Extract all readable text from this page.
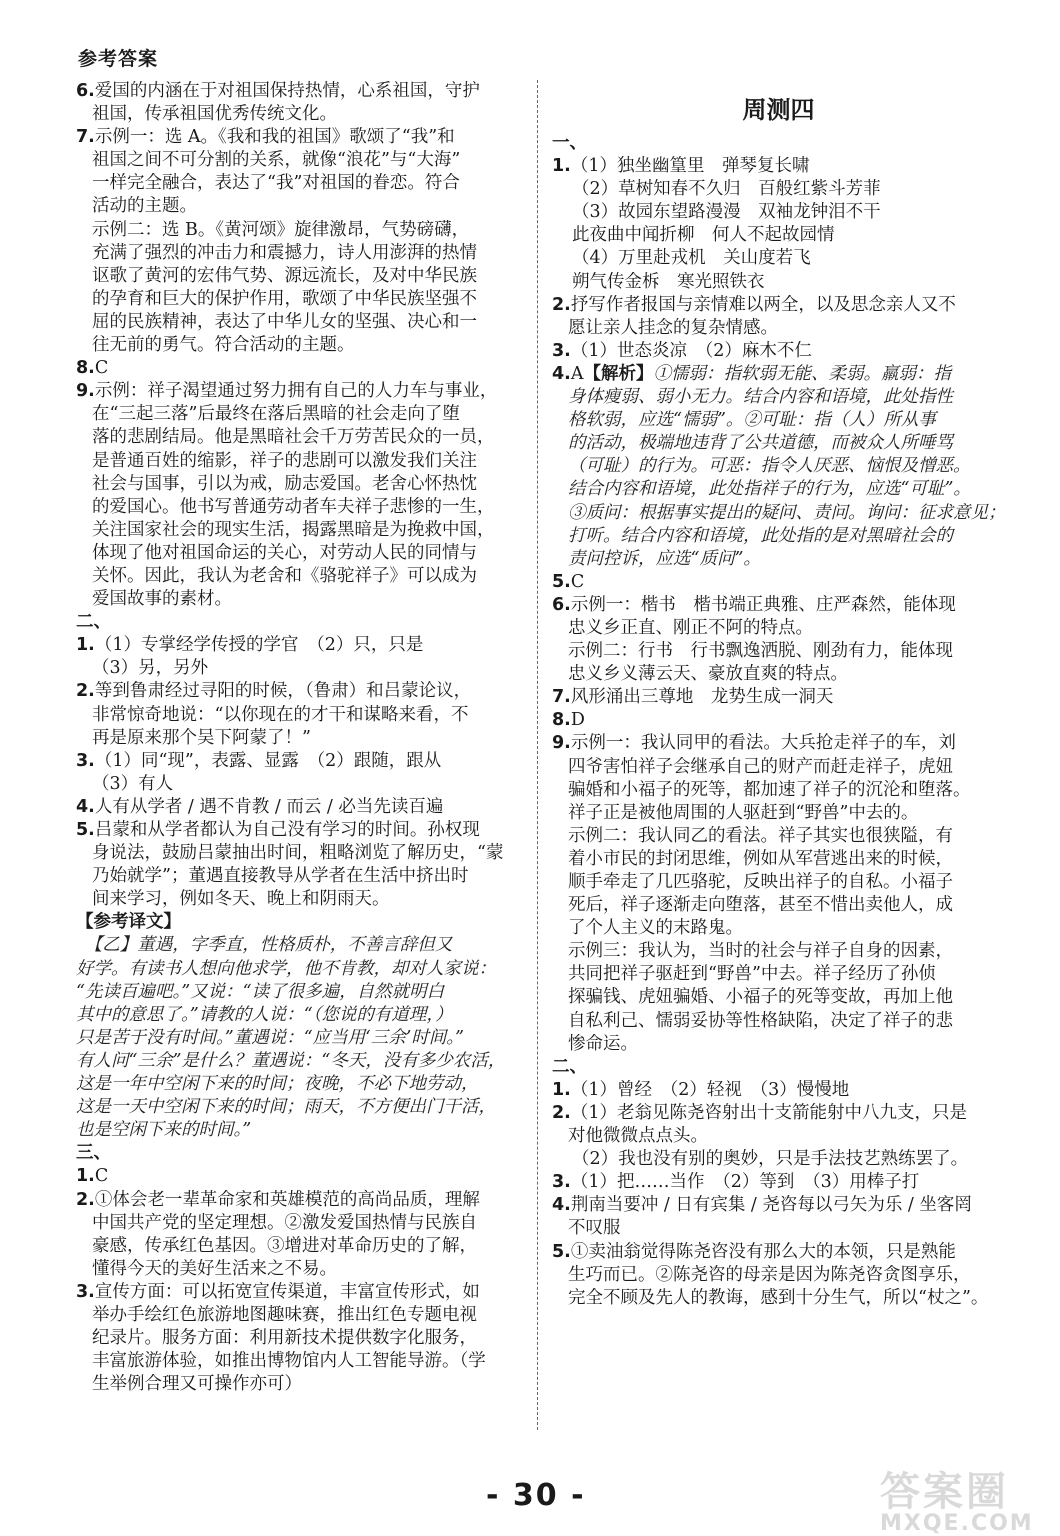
参考答案
6.爱国的内涵在于对祖国保持热情，心系祖国，守护
祖国，传承祖国优秀传统文化。
7.示例一：选 A。《我和我的祖国》歌颂了“我”和
祖国之间不可分割的关系，就像“浪花”与“大海”
一样完全融合，表达了“我”对祖国的眷恋。符合
活动的主题。
示例二：选 B。《黄河颂》旋律激昂，气势磅礴，
充满了强烈的冲击力和震撼力，诗人用澎湃的热情
讴歌了黄河的宏伟气势、源远流长，及对中华民族
的孕育和巨大的保护作用，歌颂了中华民族坚强不
屈的民族精神，表达了中华儿女的坚强、决心和一
往无前的勇气。符合活动的主题。
8.C
9.示例：祥子渴望通过努力拥有自己的人力车与事业，
在“三起三落”后最终在落后黑暗的社会走向了堕
落的悲剧结局。他是黑暗社会千万劳苦民众的一员，
是普通百姓的缩影，祥子的悲剧可以激发我们关注
社会与国事，引以为戒，励志爱国。老舍心怀热忱
的爱国心。他书写普通劳动者车夫祥子悲惨的一生，
关注国家社会的现实生活，揭露黑暗是为挽救中国，
体现了他对祖国命运的关心，对劳动人民的同情与
关怀。因此，我认为老舍和《骆驼祥子》可以成为
爱国故事的素材。
二、
1.（1）专掌经学传授的学官　（2）只，只是
（3）另，另外
2.等到鲁肃经过寻阳的时候，（鲁肃）和吕蒙论议，
非常惊奇地说：“以你现在的才干和谋略来看，不
再是原来那个吴下阿蒙了！”
3.（1）同“现”，表露、显露　（2）跟随，跟从
（3）有人
4.人有从学者 / 遇不肯教 / 而云 / 必当先读百遍
5.吕蒙和从学者都认为自己没有学习的时间。孙权现
身说法，鼓励吕蒙抽出时间，粗略浏览了解历史，“蒙
乃始就学”；董遇直接教导从学者在生活中挤出时
间来学习，例如冬天、晚上和阴雨天。
【参考译文】
　【乙】董遇，字季直，性格质朴，不善言辞但又
好学。有读书人想向他求学，他不肯教，却对人家说：
“先读百遍吧。”又说：“读了很多遍，自然就明白
其中的意思了。”请教的人说：“（您说的有道理，）
只是苦于没有时间。”董遇说：“应当用‘三余’时间。”
有人问“三余”是什么？董遇说：“冬天，没有多少农活，
这是一年中空闲下来的时间；夜晚，不必下地劳动，
这是一天中空闲下来的时间；雨天，不方便出门干活，
也是空闲下来的时间。”
三、
1.C
2.①体会老一辈革命家和英雄模范的高尚品质，理解
中国共产党的坚定理想。②激发爱国热情与民族自
豪感，传承红色基因。③增进对革命历史的了解，
懂得今天的美好生活来之不易。
3.宣传方面：可以拓宽宣传渠道，丰富宣传形式，如
举办手绘红色旅游地图趣味赛，推出红色专题电视
纪录片。服务方面：利用新技术提供数字化服务，
丰富旅游体验，如推出博物馆内人工智能导游。（学
生举例合理又可操作亦可）
周测四
一、
1.（1）独坐幽篁里　弹琴复长啸
（2）草树知春不久归　百般红紫斗芳菲
（3）故园东望路漫漫　双袖龙钟泪不干
此夜曲中闻折柳　何人不起故园情
（4）万里赴戎机　关山度若飞
朔气传金柝　寒光照铁衣
2.抒写作者报国与亲情难以两全，以及思念亲人又不
愿让亲人挂念的复杂情感。
3.（1）世态炎凉　（2）麻木不仁
4.A【解析】①懦弱：指软弱无能、柔弱。羸弱：指
身体瘦弱、弱小无力。结合内容和语境，此处指性
格软弱，应选“懦弱”。②可耻：指（人）所从事
的活动，极端地违背了公共道德，而被众人所唾骂
（可耻）的行为。可恶：指令人厌恶、恼恨及憎恶。
结合内容和语境，此处指祥子的行为，应选“可耻”。
③质问：根据事实提出的疑问、责问。询问：征求意见；
打听。结合内容和语境，此处指的是对黑暗社会的
责问控诉，应选“质问”。
5.C
6.示例一：楷书　楷书端正典雅、庄严森然，能体现
忠义乡正直、刚正不阿的特点。
示例二：行书　行书飘逸洒脱、刚劲有力，能体现
忠义乡义薄云天、豪放直爽的特点。
7.风形涌出三尊地　龙势生成一洞天
8.D
9.示例一：我认同甲的看法。大兵抢走祥子的车，刘
四爷害怕祥子会继承自己的财产而赶走祥子，虎妞
骗婚和小福子的死等，都加速了祥子的沉沦和堕落。
祥子正是被他周围的人驱赶到“野兽”中去的。
示例二：我认同乙的看法。祥子其实也很狭隘，有
着小市民的封闭思维，例如从军营逃出来的时候，
顺手牵走了几匹骆驼，反映出祥子的自私。小福子
死后，祥子逐渐走向堕落，甚至不惜出卖他人，成
了个人主义的末路鬼。
示例三：我认为，当时的社会与祥子自身的因素，
共同把祥子驱赶到“野兽”中去。祥子经历了孙侦
探骗钱、虎妞骗婚、小福子的死等变故，再加上他
自私利己、懦弱妥协等性格缺陷，决定了祥子的悲
惨命运。
二、
1.（1）曾经　（2）轻视　（3）慢慢地
2.（1）老翁见陈尧咨射出十支箭能射中八九支，只是
对他微微点点头。
（2）我也没有别的奥妙，只是手法技艺熟练罢了。
3.（1）把……当作　（2）等到　（3）用棒子打
4.荆南当要冲 / 日有宾集 / 尧咨每以弓矢为乐 / 坐客罔
不叹服
5.①卖油翁觉得陈尧咨没有那么大的本领，只是熟能
生巧而已。②陈尧咨的母亲是因为陈尧咨贪图享乐，
完全不顾及先人的教诲，感到十分生气，所以“杖之”。
- 30 -	答案圈
MXQE.COM
